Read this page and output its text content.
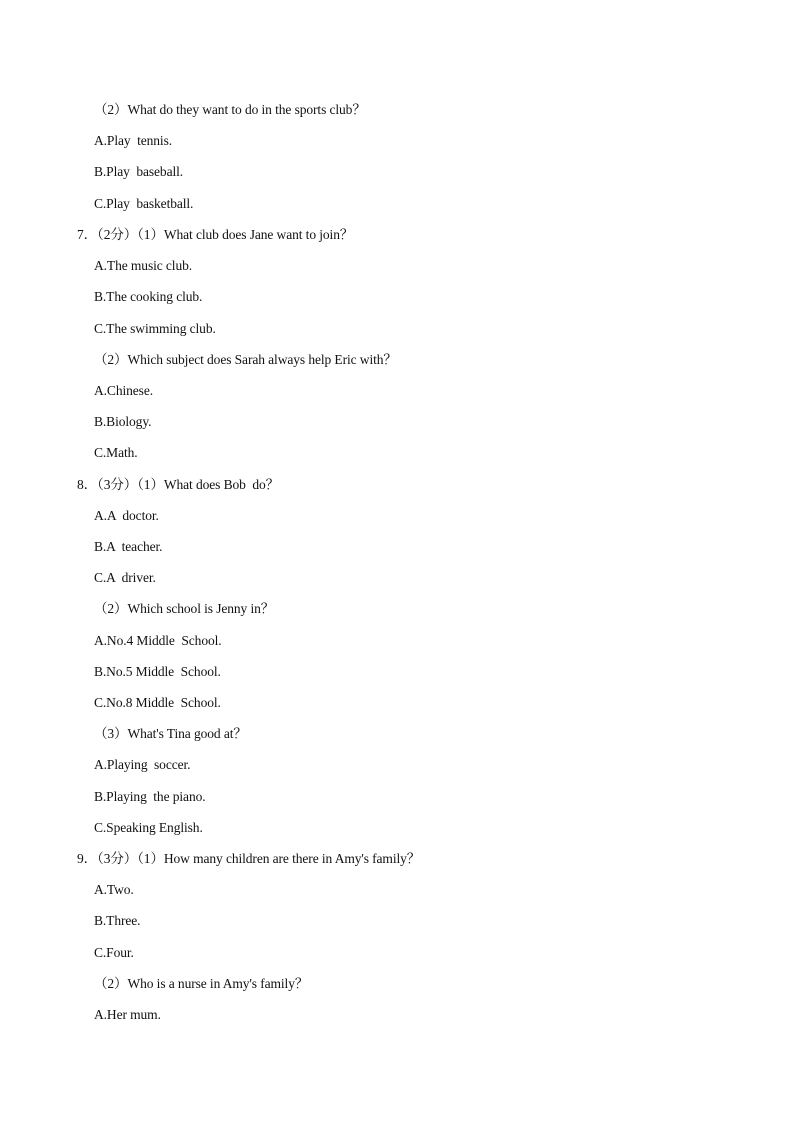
（2）What do they want to do in the sports club？
A.Play  tennis.
B.Play  baseball.
C.Play  basketball.
7．（2分）（1）What club does Jane want to join？
A.The music club.
B.The cooking club.
C.The swimming club.
（2）Which subject does Sarah always help Eric with？
A.Chinese.
B.Biology.
C.Math.
8．（3分）（1）What does Bob  do？
A.A  doctor.
B.A  teacher.
C.A  driver.
（2）Which school is Jenny in？
A.No.4 Middle  School.
B.No.5 Middle  School.
C.No.8 Middle  School.
（3）What's Tina good at？
A.Playing  soccer.
B.Playing  the piano.
C.Speaking English.
9．（3分）（1）How many children are there in Amy's family？
A.Two.
B.Three.
C.Four.
（2）Who is a nurse in Amy's family？
A.Her mum.
